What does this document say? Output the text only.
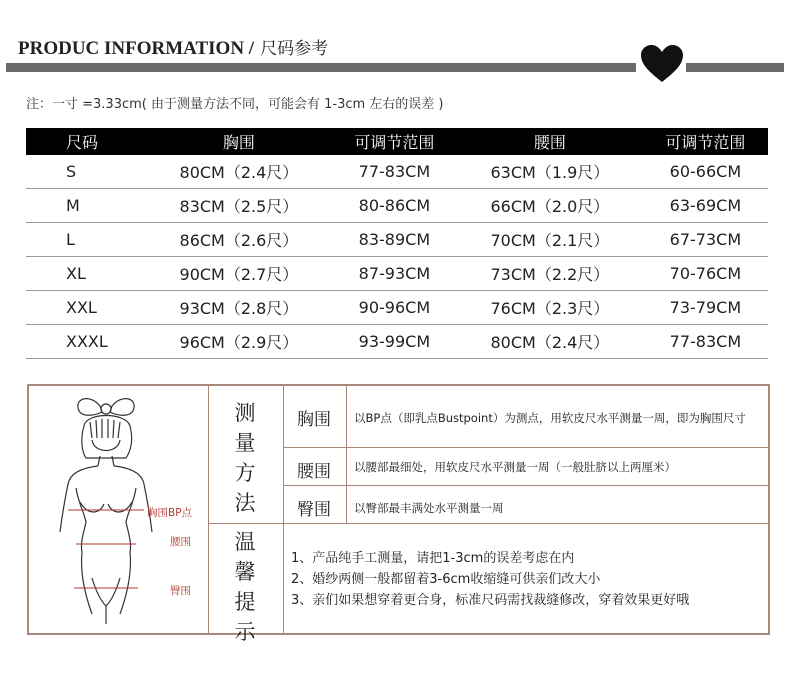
PRODUC INFORMATION / 尺码参考
注：一寸 =3.33cm( 由于测量方法不同，可能会有 1-3cm 左右的误差 )
尺码	胸围	可调节范围	腰围	可调节范围
S	80CM（2.4尺）	77-83CM	63CM（1.9尺）	60-66CM
M	83CM（2.5尺）	80-86CM	66CM（2.0尺）	63-69CM
L	86CM（2.6尺）	83-89CM	70CM（2.1尺）	67-73CM
XL	90CM（2.7尺）	87-93CM	73CM（2.2尺）	70-76CM
XXL	93CM（2.8尺）	90-96CM	76CM（2.3尺）	73-79CM
XXXL	96CM（2.9尺）	93-99CM	80CM（2.4尺）	77-83CM
胸围BP点
腰围
臀围
测
量
方
法
胸围	以BP点（即乳点Bustpoint）为测点，用软皮尺水平测量一周，即为胸围尺寸
腰围	以腰部最细处，用软皮尺水平测量一周（一般肚脐以上两厘米）
臀围	以臀部最丰满处水平测量一周
温
馨
提
示
1、产品纯手工测量，请把1-3cm的误差考虑在内
2、婚纱两侧一般都留着3-6cm收缩缝可供亲们改大小
3、亲们如果想穿着更合身，标准尺码需找裁缝修改，穿着效果更好哦
